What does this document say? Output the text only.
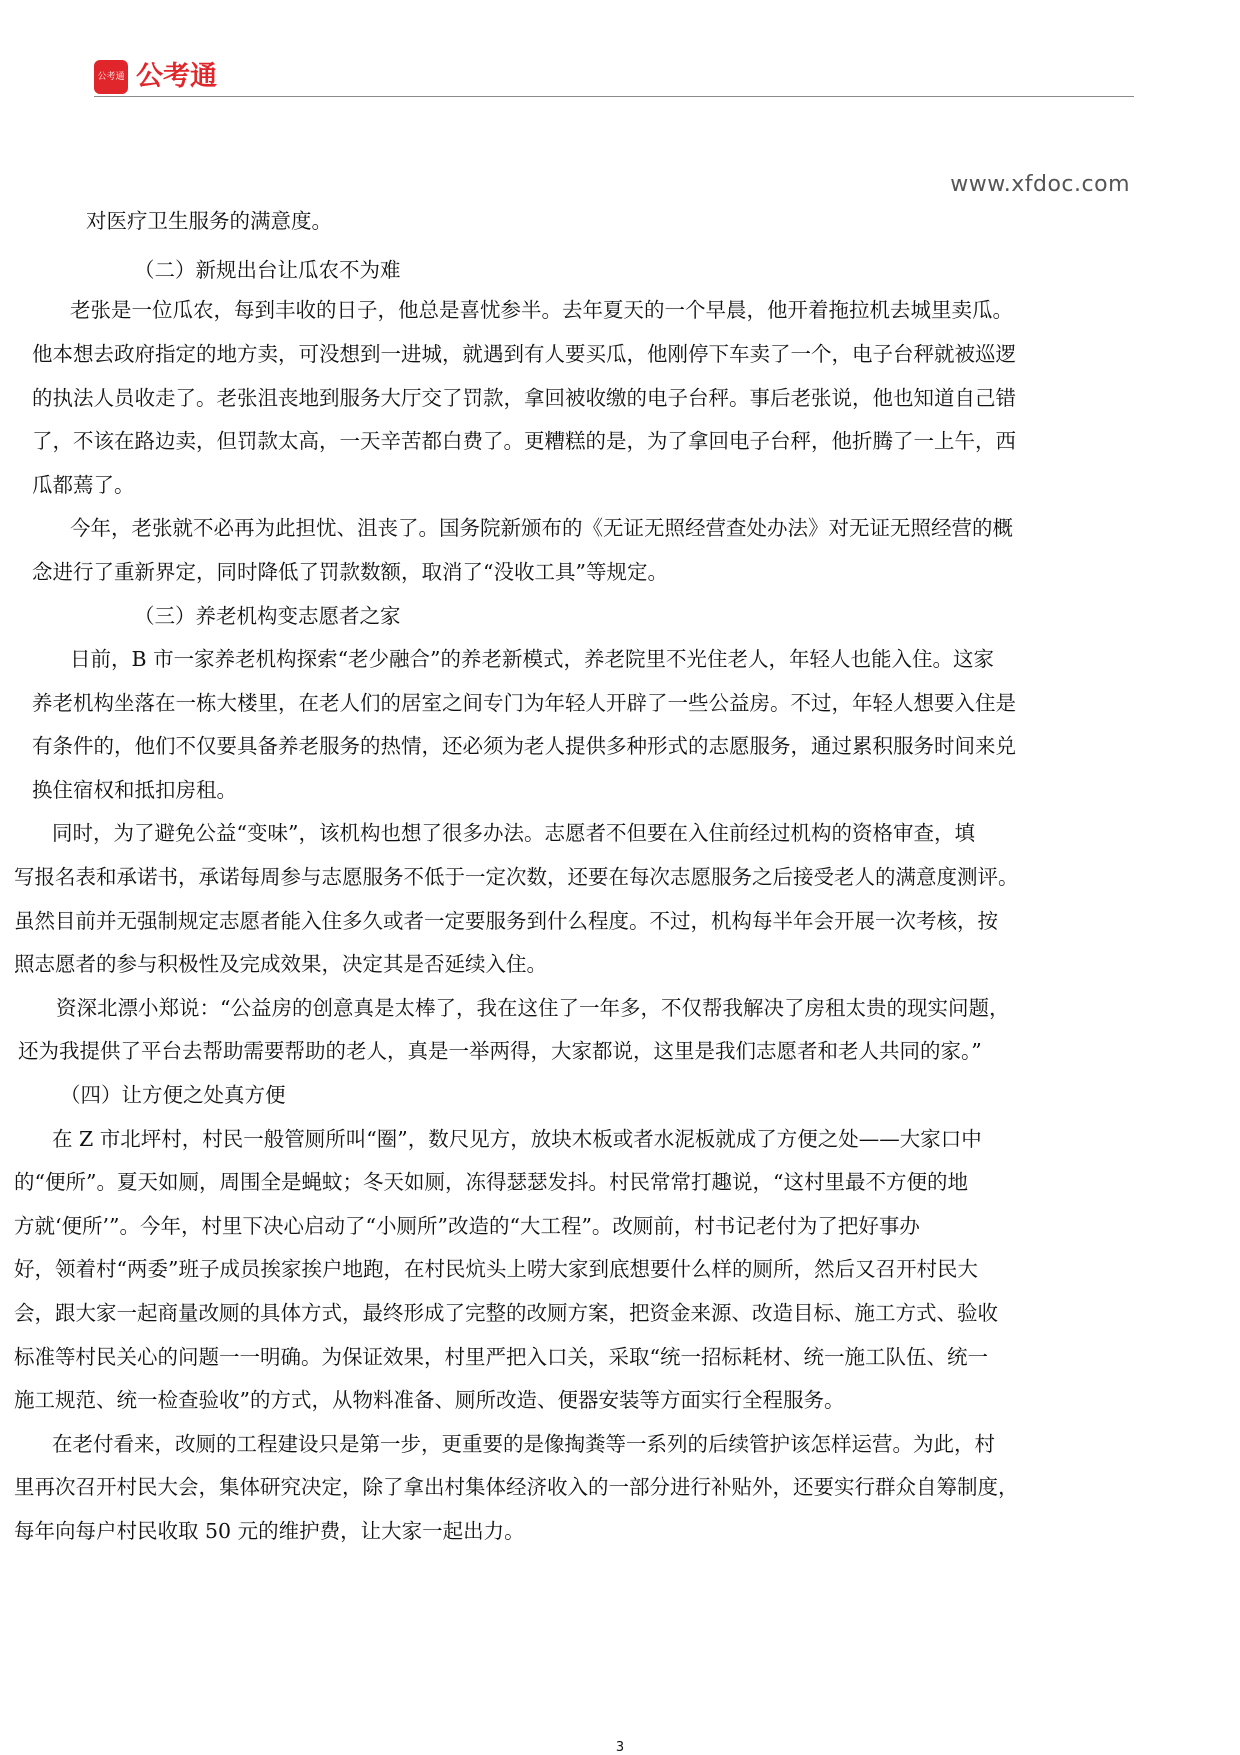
公考通 公考通
www.xfdoc.com
对医疗卫生服务的满意度。
（二）新规出台让瓜农不为难
老张是一位瓜农，每到丰收的日子，他总是喜忧参半。去年夏天的一个早晨，他开着拖拉机去城里卖瓜。
他本想去政府指定的地方卖，可没想到一进城，就遇到有人要买瓜，他刚停下车卖了一个，电子台秤就被巡逻
的执法人员收走了。老张沮丧地到服务大厅交了罚款，拿回被收缴的电子台秤。事后老张说，他也知道自己错
了，不该在路边卖，但罚款太高，一天辛苦都白费了。更糟糕的是，为了拿回电子台秤，他折腾了一上午，西
瓜都蔫了。
今年，老张就不必再为此担忧、沮丧了。国务院新颁布的《无证无照经营查处办法》对无证无照经营的概
念进行了重新界定，同时降低了罚款数额，取消了“没收工具”等规定。
（三）养老机构变志愿者之家
日前，B 市一家养老机构探索“老少融合”的养老新模式，养老院里不光住老人，年轻人也能入住。这家
养老机构坐落在一栋大楼里，在老人们的居室之间专门为年轻人开辟了一些公益房。不过，年轻人想要入住是
有条件的，他们不仅要具备养老服务的热情，还必须为老人提供多种形式的志愿服务，通过累积服务时间来兑
换住宿权和抵扣房租。
同时，为了避免公益“变味”，该机构也想了很多办法。志愿者不但要在入住前经过机构的资格审查，填
写报名表和承诺书，承诺每周参与志愿服务不低于一定次数，还要在每次志愿服务之后接受老人的满意度测评。
虽然目前并无强制规定志愿者能入住多久或者一定要服务到什么程度。不过，机构每半年会开展一次考核，按
照志愿者的参与积极性及完成效果，决定其是否延续入住。
资深北漂小郑说：“公益房的创意真是太棒了，我在这住了一年多，不仅帮我解决了房租太贵的现实问题，
还为我提供了平台去帮助需要帮助的老人，真是一举两得，大家都说，这里是我们志愿者和老人共同的家。”
（四）让方便之处真方便
在 Z 市北坪村，村民一般管厕所叫“圈”，数尺见方，放块木板或者水泥板就成了方便之处——大家口中
的“便所”。夏天如厕，周围全是蝇蚊；冬天如厕，冻得瑟瑟发抖。村民常常打趣说，“这村里最不方便的地
方就‘便所’”。今年，村里下决心启动了“小厕所”改造的“大工程”。改厕前，村书记老付为了把好事办
好，领着村“两委”班子成员挨家挨户地跑，在村民炕头上唠大家到底想要什么样的厕所，然后又召开村民大
会，跟大家一起商量改厕的具体方式，最终形成了完整的改厕方案，把资金来源、改造目标、施工方式、验收
标准等村民关心的问题一一明确。为保证效果，村里严把入口关，采取“统一招标耗材、统一施工队伍、统一
施工规范、统一检查验收”的方式，从物料准备、厕所改造、便器安装等方面实行全程服务。
在老付看来，改厕的工程建设只是第一步，更重要的是像掏粪等一系列的后续管护该怎样运营。为此，村
里再次召开村民大会，集体研究决定，除了拿出村集体经济收入的一部分进行补贴外，还要实行群众自筹制度，
每年向每户村民收取 50 元的维护费，让大家一起出力。
3
